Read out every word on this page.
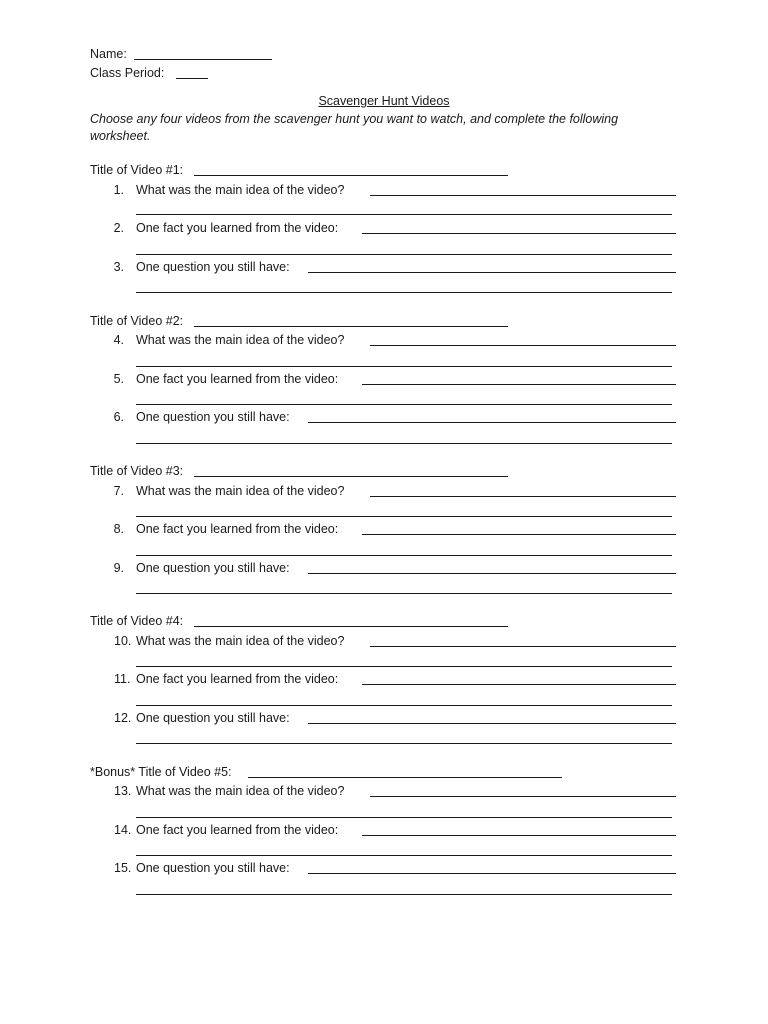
Name:
Class Period:
Scavenger Hunt Videos
Choose any four videos from the scavenger hunt you want to watch, and complete the following worksheet.
Title of Video #1:
1. What was the main idea of the video?
2. One fact you learned from the video:
3. One question you still have:
Title of Video #2:
4. What was the main idea of the video?
5. One fact you learned from the video:
6. One question you still have:
Title of Video #3:
7. What was the main idea of the video?
8. One fact you learned from the video:
9. One question you still have:
Title of Video #4:
10. What was the main idea of the video?
11. One fact you learned from the video:
12. One question you still have:
*Bonus* Title of Video #5:
13. What was the main idea of the video?
14. One fact you learned from the video:
15. One question you still have:
